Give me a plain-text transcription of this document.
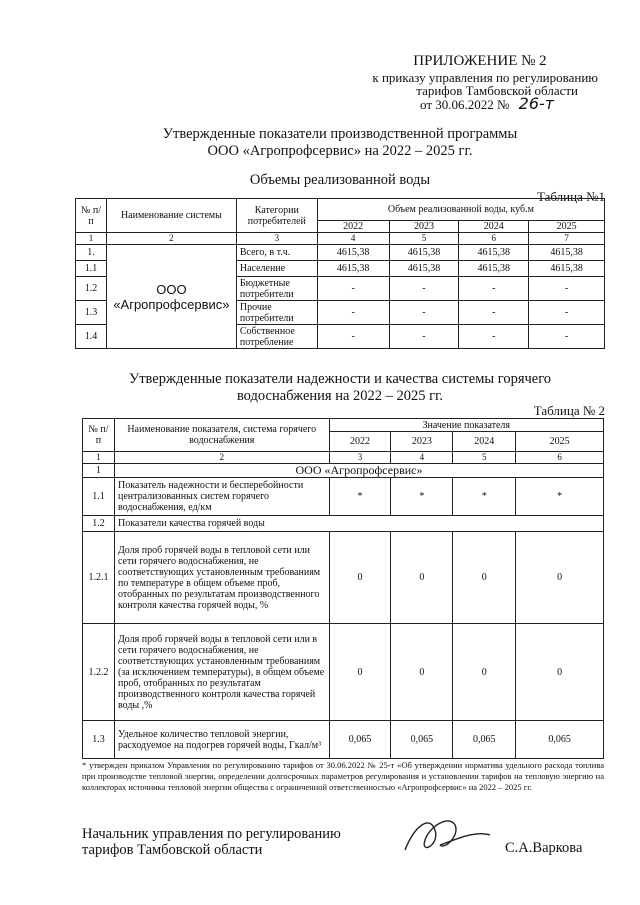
ПРИЛОЖЕНИЕ № 2
к приказу управления по регулированию
тарифов Тамбовской области
от 30.06.2022 № 26-т
Утвержденные показатели производственной программы
ООО «Агропрофсервис» на 2022 – 2025 гг.
Объемы реализованной воды
Таблица №1
№ п/п	Наименование системы	Категории потребителей	Объем реализованной воды, куб.м			
			2022	2023	2024	2025
1	2	3	4	5	6	7
1.	ООО «Агропрофсервис»	Всего, в т.ч.	4615,38	4615,38	4615,38	4615,38
1.1		Население	4615,38	4615,38	4615,38	4615,38
1.2		Бюджетные потребители	-	-	-	-
1.3		Прочие потребители	-	-	-	-
1.4		Собственное потребление	-	-	-	-
Утвержденные показатели надежности и качества системы горячего водоснабжения на 2022 – 2025 гг.
Таблица № 2
№ п/п	Наименование показателя, система горячего водоснабжения	Значение показателя			
		2022	2023	2024	2025
1	2	3	4	5	6
1	ООО «Агропрофсервис»				
1.1	Показатель надежности и бесперебойности централизованных систем горячего водоснабжения, ед/км	*	*	*	*
1.2	Показатели качества горячей воды				
1.2.1	Доля проб горячей воды в тепловой сети или сети горячего водоснабжения, не соответствующих установленным требованиям по температуре в общем объеме проб, отобранных по результатам производственного контроля качества горячей воды, %	0	0	0	0
1.2.2	Доля проб горячей воды в тепловой сети или в сети горячего водоснабжения, не соответствующих установленным требованиям (за исключением температуры), в общем объеме проб, отобранных по результатам производственного контроля качества горячей воды ,%	0	0	0	0
1.3	Удельное количество тепловой энергии, расходуемое на подогрев горячей воды, Гкал/м³	0,065	0,065	0,065	0,065
* утвержден приказом Управления по регулированию тарифов от 30.06.2022 № 25-т «Об утверждении норматива удельного расхода топлива при производстве тепловой энергии, определении долгосрочных параметров регулирования и установлении тарифов на тепловую энергию на коллекторах источника тепловой энергии общества с ограниченной ответственностью «Агропрофсервис» на 2022 – 2025 гг.
Начальник управления по регулированию
тарифов Тамбовской области	С.А.Варкова
